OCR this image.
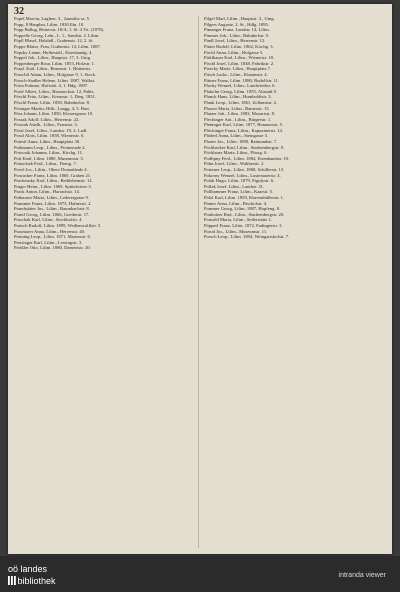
32

Popel Morcin, Laglner, 3., 2aumlitz ra. 5.

Popp, 8 Hauplan, Lilim. 1830 Ilin. 10.

Popp Ballog, Birnerstr. 18/A, 1. St. 4 Tri. (1878).

Poppelle Georg, Lehr., L. 1., Sandstr. 2. Lilim.

Pöpll Blasel, Holzhdl., Grabenstr. 12, 2. St.

Poppe Blaise, Frau, Grabenstr. 14, Lilim. 1887.

Popsky Lieme, Hofbestall., Eisenhandg. 4.

Poppel Joh., Lilim., Hauptstr. 17, 3. Umg.

Poppenberger Rosa, Lilim. 1853, Holzstr. 1.

Porpl. Karl, Lilim., Brunnstr. 1. Hüttenstr.

Porschil Adam, Lilim., Hofgasse 9, 1. Stock.

Porsch-Stadler Helene, Lilim. 1887, Walkst.

Porta Fuhrme, Hofstätt. 4, 1. Hdg. 1897.

Porté Albert, Lilim., Bismarckstr. 12, Pahls.

Pöschl Fritz, Lilim., Kreuzstr. 1, Dieg. 1851.

Pöschl Franz, Lilim. 1850, Bahnhofstr. 8.

Pösinger Martin, Hdlr., Langg. 4, 5. Bart.

Pöss Johann, Lilim. 1850, Klostergasse 10.

Possak Adolf, Lilim., Herrenstr. 22.

Possiak Adalb., Lilim., Franzstr. 3.

Pössl Josef, Lilim., Landstr. 19, 2. Ladl.

Poszl Alois, Lilim. 1858, Wienerstr. 6.

Potesil Anna, Lilim., Hauptplatz 30.

Pothmann Leop., Lilim., Promenade 2.

Potocnik Johanna, Lilim., Kirchg. 11.

Pott Emil, Lilim. 1880, Museumstr. 5.

Potuschak Ferd., Lilim., Domg. 7.

Povel Jos., Lilim., Obere Donaulände 4.

Poxrucker Franz, Lilim. 1860, Graben 21.

Prachensky Karl, Lilim., Bethlehemstr. 12.

Prager Heinr., Lilim. 1869, Spittelwiese 3.

Prack Anton, Lilim., Harrachstr. 14.

Prähauser Maria, Lilim., Lederergasse 9.

Prammer Franz, Lilim. 1873, Hafnerstr. 2.

Prandstätter Jos., Lilim., Baumbachstr. 8.

Prantl Georg, Lilim. 1866, Goethestr. 17.

Praschak Karl, Lilim., Stockhofstr. 4.

Pratsch Rudolf, Lilim. 1899, Weißenwolffstr. 5.

Praxmarer Anna, Lilim., Herrenstr. 40.

Preining Leop., Lilim. 1871, Marienstr. 6.

Preisinger Karl, Lilim., Lessingstr. 3.

Preißler Otto, Lilim. 1880, Dametzstr. 20.

Pilgel Marl, Lilim., Hauptstr. 3., Umg.

Pilgers Auguste, 2. St., Hdlg. 1895.

Pimanger Franz, Landstr. 14, Lilim.

Pimmer Joh., Lilim., Bahnhofstr. 9.

Pindl Josef, Lilim., Herrenstr. 12.

Pinter Rudolf, Lilim. 1862, Kirchg. 3.

Pirchl Anna, Lilim., Hofgasse 5.

Pirklbauer Karl, Lilim., Wienerstr. 18.

Pischl Josef, Lilim. 1848, Fabrikstr. 2.

Pisecky Marie, Lilim., Hauptplatz 7.

Pitsch Ludw., Lilim., Klammstr. 4.

Pittner Franz, Lilim. 1880, Rudolfstr. 11.

Plachy Wenzel, Lilim., Landwiedstr. 6.

Plakolm Georg, Lilim. 1855, Altstadt 9.

Planck Hans, Lilim., Humboldtstr. 3.

Plank Leop., Lilim. 1861, Zollamtstr. 2.

Plasser Maria, Lilim., Rainerstr. 15.

Platzer Joh., Lilim. 1883, Mozartstr. 8.

Plechinger Ant., Lilim., Bürgerstr. 1.

Pleninger Karl, Lilim. 1877, Honauerstr. 5.

Plöckinger Franz, Lilim., Kapuzinerstr. 14.

Plöderl Anna, Lilim., Steingasse 3.

Ploner Jos., Lilim. 1890, Raimundstr. 7.

Pöchhacker Karl, Lilim., Starhembergstr. 9.

Pöchlauer Maria, Lilim., Pfarrg. 6.

Podlipny Ferd., Lilim. 1884, Eisenhandstr. 10.

Pöhn Josef, Lilim., Waltherstr. 2.

Pointner Leop., Lilim. 1868, Schillerstr. 13.

Pokorny Wenzel, Lilim., Lustenauerstr. 4.

Polak Hugo, Lilim. 1879, Figulystr. 6.

Pollak Josef, Lilim., Landstr. 31.

Pollhammer Franz, Lilim., Kaarstr. 5.

Pölzl Karl, Lilim. 1859, Khevenhüllerstr. 1.

Pömer Anna, Lilim., Bischofstr. 4.

Pommer Georg, Lilim. 1887, Hopfeng. 8.

Ponholzer Rud., Lilim., Starhembergstr. 20.

Ponsold Maria, Lilim., Seilerstätte 2.

Pöpperl Franz, Lilim. 1872, Fadingerstr. 3.

Porod Jos., Lilim., Museumstr. 11.

Porsch Leop., Lilim. 1894, Weingartshofstr. 7.

oö landes
bibliothek
intranda viewer
